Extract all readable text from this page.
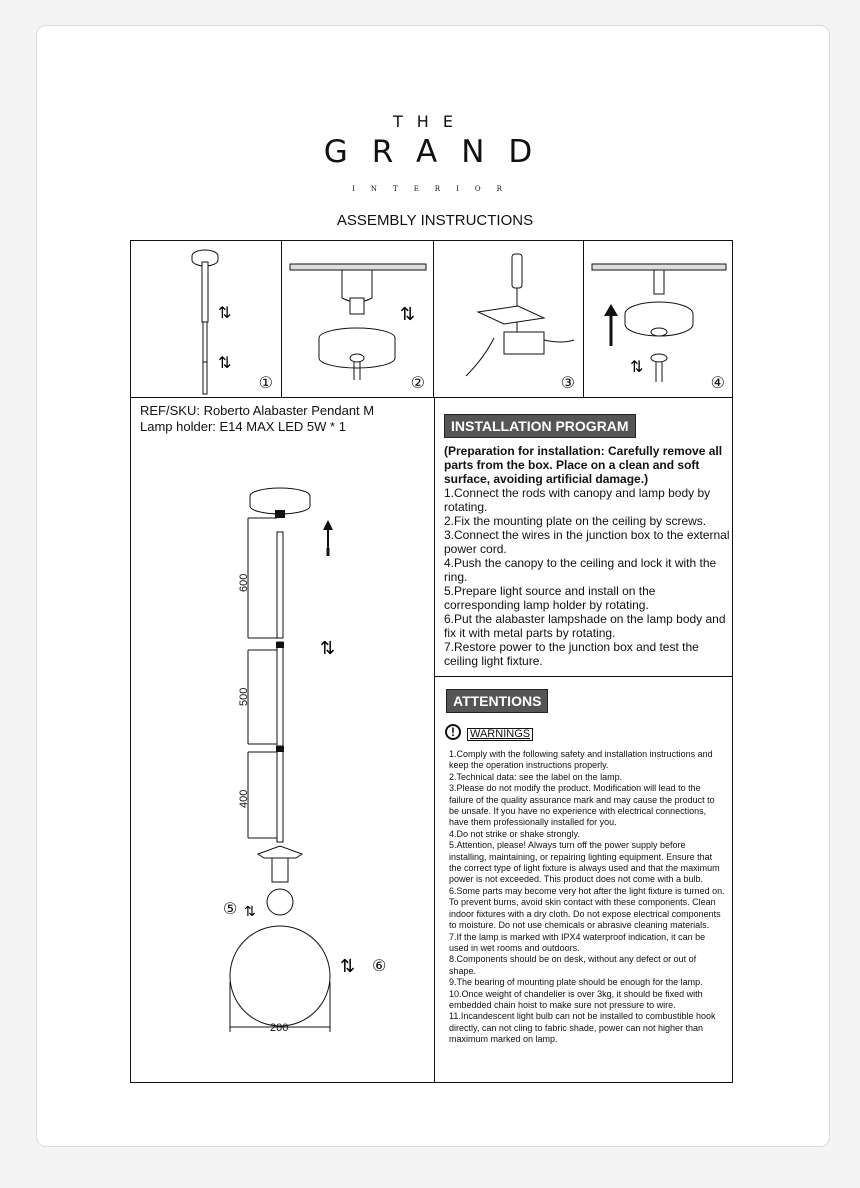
THE
GRAND
INTERIOR
ASSEMBLY INSTRUCTIONS
⇅
⇅
①
⇅
②	③
⇅
④
REF/SKU: Roberto Alabaster Pendant M
Lamp holder: E14 MAX LED 5W * 1
⇅
⇅
⇅
600
500
400
200
⑤
⑥
INSTALLATION PROGRAM
(Preparation for installation: Carefully remove all parts from the box. Place on a clean and soft surface, avoiding artificial damage.)
1.Connect the rods with canopy and lamp body by rotating.
2.Fix the mounting plate on the ceiling by screws.
3.Connect the wires in the junction box to the external power cord.
4.Push the canopy to the ceiling and lock it with the ring.
5.Prepare light source and install on the corresponding lamp holder by rotating.
6.Put the alabaster lampshade on the lamp body and fix it with metal parts by rotating.
7.Restore power to the junction box and test the ceiling light fixture.
ATTENTIONS
!	WARNINGS
1.Comply with the following safety and installation instructions and keep the operation instructions properly.
2.Technical data: see the label on the lamp.
3.Please do not modify the product. Modification will lead to the failure of the quality assurance mark and may cause the product to be unsafe. If you have no experience with electrical connections, have them professionally installed for you.
4.Do not strike or shake strongly.
5.Attention, please! Always turn off the power supply before installing, maintaining, or repairing lighting equipment. Ensure that the correct type of light fixture is always used and that the maximum power is not exceeded. This product does not come with a bulb.
6.Some parts may become very hot after the light fixture is turned on. To prevent burns, avoid skin contact with these components. Clean indoor fixtures with a dry cloth. Do not expose electrical components to moisture. Do not use chemicals or abrasive cleaning materials.
7.If the lamp is marked with IPX4 waterproof indication, it can be used in wet rooms and outdoors.
8.Components should be on desk, without any defect or out of shape.
9.The bearing of mounting plate should be enough for the lamp.
10.Once weight of chandelier is over 3kg, it should be fixed with embedded chain hoist to make sure not pressure to wire.
11.Incandescent light bulb can not be installed to combustible hook directly, can not cling to fabric shade, power can not higher than maximum marked on lamp.
